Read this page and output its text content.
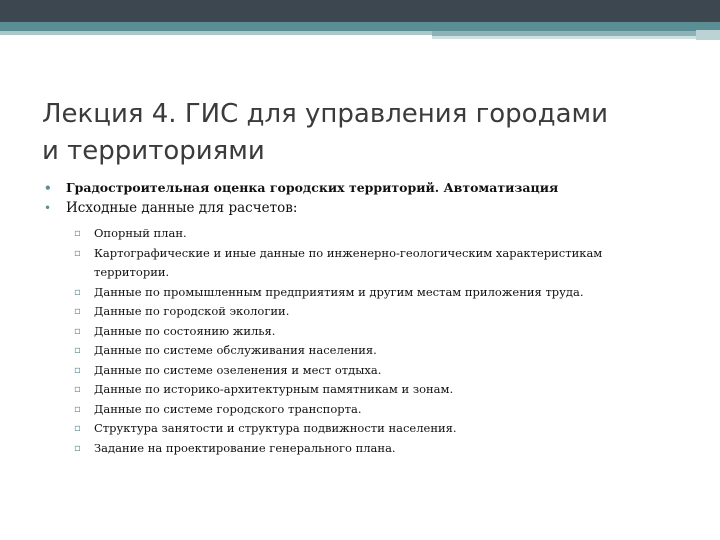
Лекция 4. ГИС для управления городами
и территориями
• Градостроительная оценка городских территорий. Автоматизация
• Исходные данные для расчетов:
▫ Опорный план.
▫ Картографические и иные данные по инженерно-геологическим характеристикам
территории.
▫ Данные по промышленным предприятиям и другим местам приложения труда.
▫ Данные по городской экологии.
▫ Данные по состоянию жилья.
▫ Данные по системе обслуживания населения.
▫ Данные по системе озеленения и мест отдыха.
▫ Данные по историко-архитектурным памятникам и зонам.
▫ Данные по системе городского транспорта.
▫ Структура занятости и структура подвижности населения.
▫ Задание на проектирование генерального плана.
